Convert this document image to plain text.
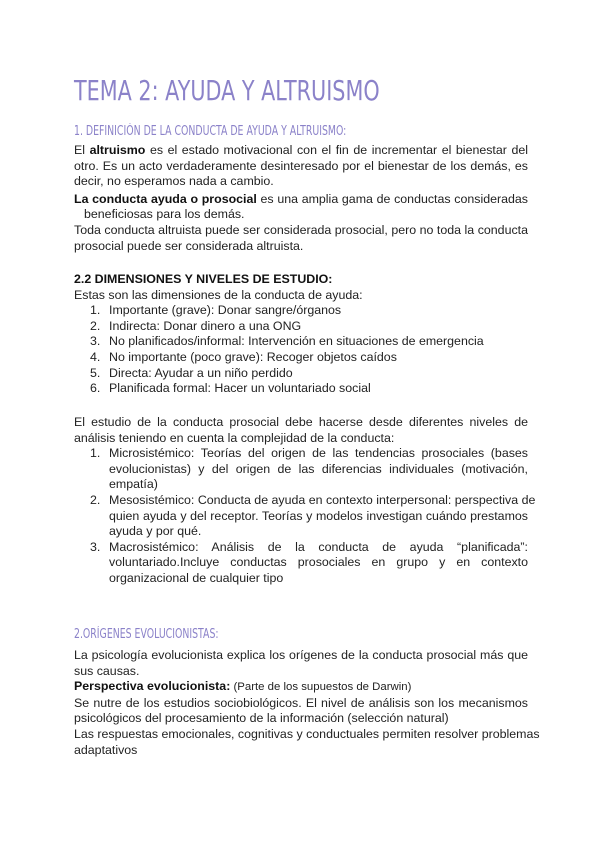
TEMA 2: AYUDA Y ALTRUISMO
1. DEFINICIÓN DE LA CONDUCTA DE AYUDA Y ALTRUISMO:
El altruismo es el estado motivacional con el fin de incrementar el bienestar del
otro. Es un acto verdaderamente desinteresado por el bienestar de los demás, es
decir, no esperamos nada a cambio.
La conducta ayuda o prosocial es una amplia gama de conductas consideradas
beneficiosas para los demás.
Toda conducta altruista puede ser considerada prosocial, pero no toda la conducta
prosocial puede ser considerada altruista.
2.2 DIMENSIONES Y NIVELES DE ESTUDIO:
Estas son las dimensiones de la conducta de ayuda:
1. Importante (grave): Donar sangre/órganos
2. Indirecta: Donar dinero a una ONG
3. No planificados/informal: Intervención en situaciones de emergencia
4. No importante (poco grave): Recoger objetos caídos
5. Directa: Ayudar a un niño perdido
6. Planificada formal: Hacer un voluntariado social
El estudio de la conducta prosocial debe hacerse desde diferentes niveles de
análisis teniendo en cuenta la complejidad de la conducta:
1. Microsistémico: Teorías del origen de las tendencias prosociales (bases
evolucionistas) y del origen de las diferencias individuales (motivación,
empatía)
2. Mesosistémico: Conducta de ayuda en contexto interpersonal: perspectiva de
quien ayuda y del receptor. Teorías y modelos investigan cuándo prestamos
ayuda y por qué.
3. Macrosistémico: Análisis de la conducta de ayuda “planificada”:
voluntariado.Incluye conductas prosociales en grupo y en contexto
organizacional de cualquier tipo
2.ORÍGENES EVOLUCIONISTAS:
La psicología evolucionista explica los orígenes de la conducta prosocial más que
sus causas.
Perspectiva evolucionista: (Parte de los supuestos de Darwin)
Se nutre de los estudios sociobiológicos. El nivel de análisis son los mecanismos
psicológicos del procesamiento de la información (selección natural)
Las respuestas emocionales, cognitivas y conductuales permiten resolver problemas
adaptativos
